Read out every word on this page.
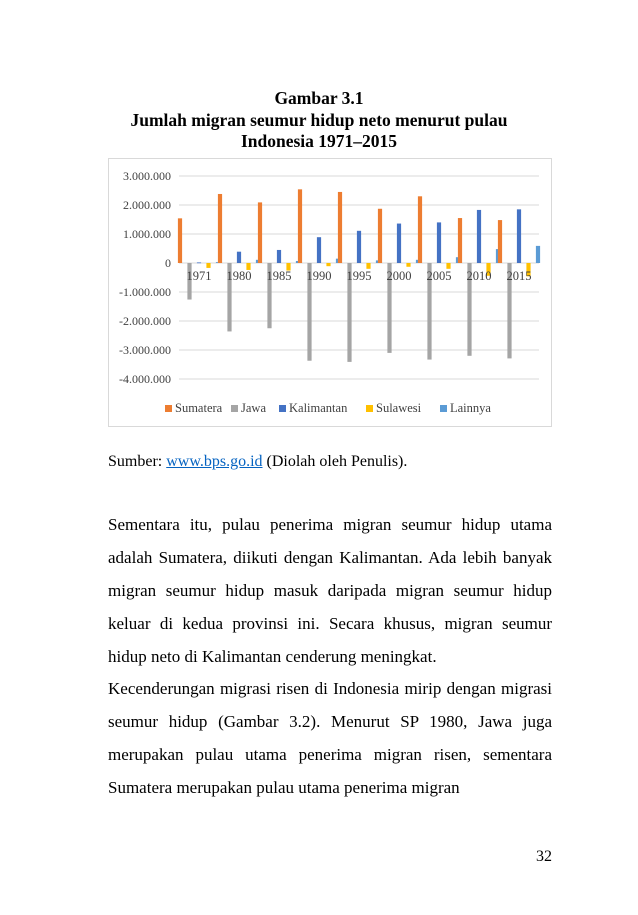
Gambar 3.1
Jumlah migran seumur hidup neto menurut pulau
Indonesia 1971–2015
3.000.000
2.000.000
1.000.000
0
-1.000.000
-2.000.000
-3.000.000
-4.000.000
1971 1980 1985 1990 1995 2000 2005 2010 2015
Sumatera Jawa Kalimantan Sulawesi Lainnya
Sumber: www.bps.go.id (Diolah oleh Penulis).
Sementara itu, pulau penerima migran seumur hidup utama adalah Sumatera, diikuti dengan Kalimantan. Ada lebih banyak migran seumur hidup masuk daripada migran seumur hidup keluar di kedua provinsi ini. Secara khusus, migran seumur hidup neto di Kalimantan cenderung meningkat.
Kecenderungan migrasi risen di Indonesia mirip dengan migrasi seumur hidup (Gambar 3.2). Menurut SP 1980, Jawa juga merupakan pulau utama penerima migran risen, sementara Sumatera merupakan pulau utama penerima migran
32
